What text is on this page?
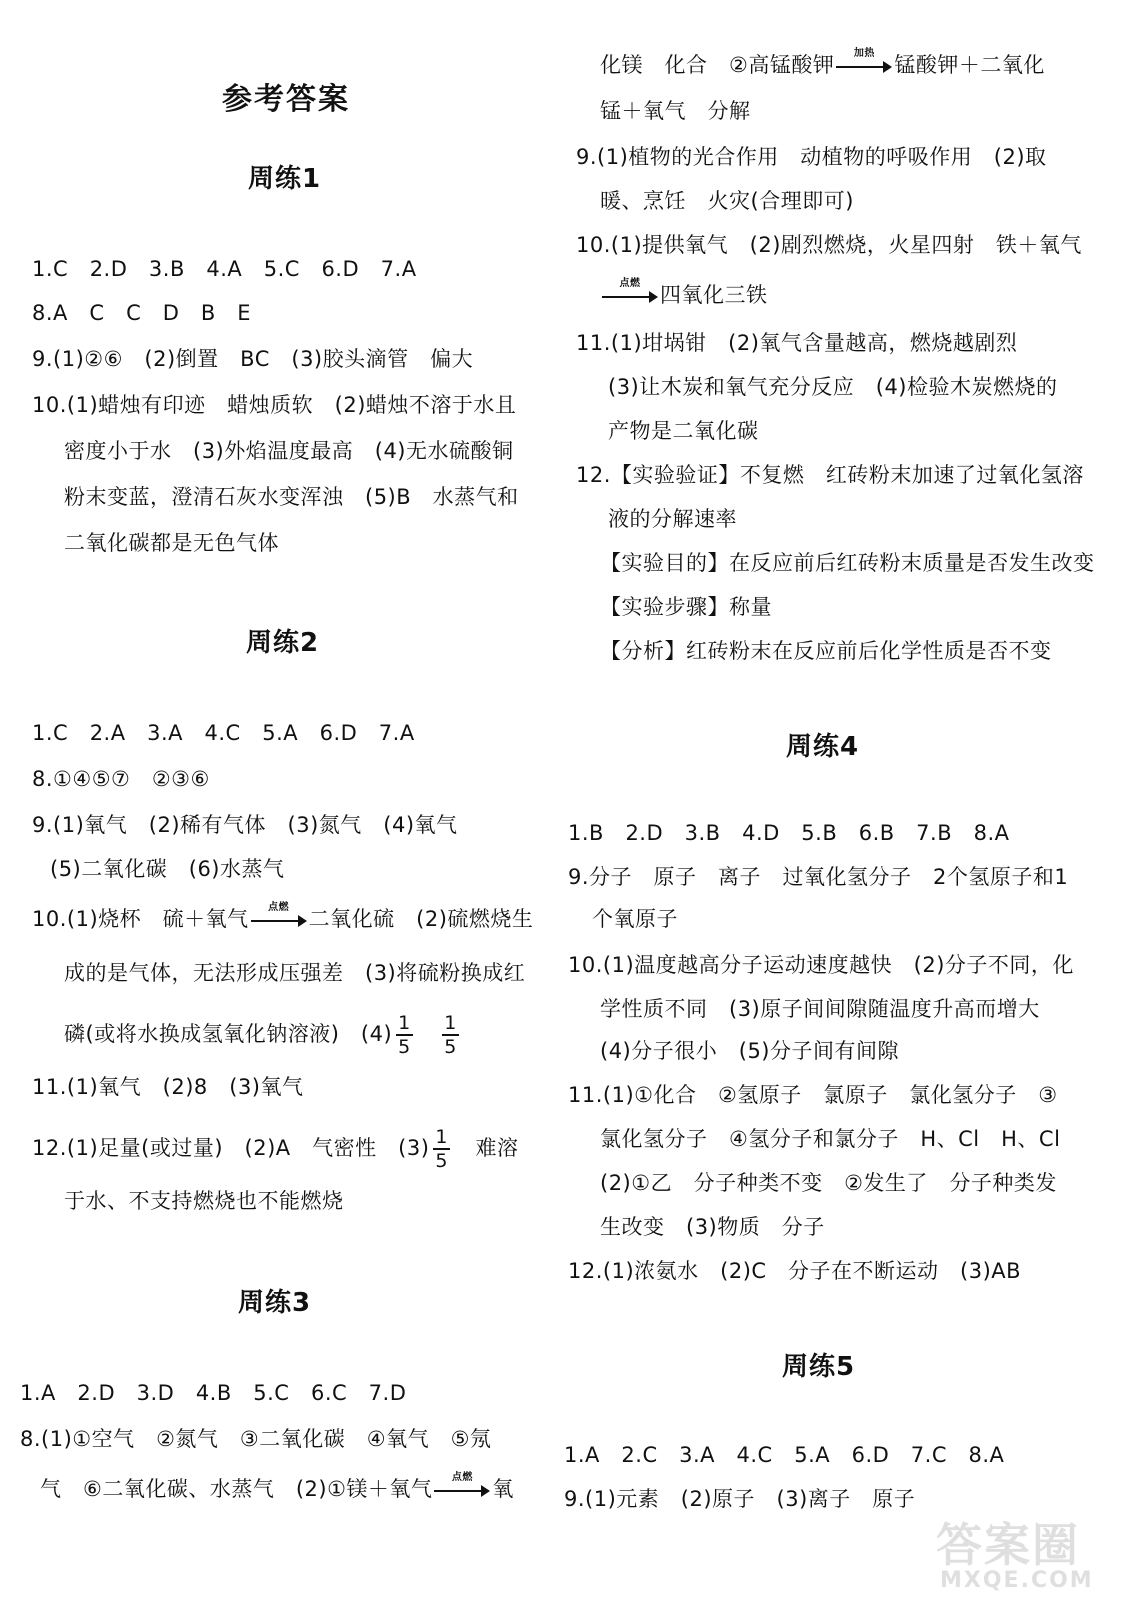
参考答案
周练1
1.C　2.D　3.B　4.A　5.C　6.D　7.A
8.A　C　C　D　B　E
9.(1)②⑥　(2)倒置　BC　(3)胶头滴管　偏大
10.(1)蜡烛有印迹　蜡烛质软　(2)蜡烛不溶于水且
密度小于水　(3)外焰温度最高　(4)无水硫酸铜
粉末变蓝，澄清石灰水变浑浊　(5)B　水蒸气和
二氧化碳都是无色气体
周练2
1.C　2.A　3.A　4.C　5.A　6.D　7.A
8.①④⑤⑦　②③⑥
9.(1)氧气　(2)稀有气体　(3)氮气　(4)氧气
(5)二氧化碳　(6)水蒸气
10.(1)烧杯　硫＋氧气	点燃 二氧化硫　(2)硫燃烧生
成的是气体，无法形成压强差　(3)将硫粉换成红
磷(或将水换成氢氧化钠溶液)　$(4) \frac{1}{5}$
　 $\frac{1}{5}$
11.(1)氧气　(2)8　(3)氧气
12.(1)足量(或过量)　(2)A　气密性　$(3) \frac{1}{5}$
　 难溶
于水、不支持燃烧也不能燃烧
周练3
1.A　2.D　3.D　4.B　5.C　6.C　7.D
8.(1)①空气　②氮气　③二氧化碳　④氧气　⑤氖
气　⑥二氧化碳、水蒸气　(2)①镁＋氧气	点燃 氧
化镁　化合　②高锰酸钾	加热 锰酸钾＋二氧化
锰＋氧气　分解
9.(1)植物的光合作用　动植物的呼吸作用　(2)取
暖、烹饪　火灾(合理即可)
10.(1)提供氧气　(2)剧烈燃烧，火星四射　铁＋氧气
点燃 四氧化三铁
11.(1)坩埚钳　(2)氧气含量越高，燃烧越剧烈
(3)让木炭和氧气充分反应　(4)检验木炭燃烧的
产物是二氧化碳
12.【实验验证】不复燃　红砖粉末加速了过氧化氢溶
液的分解速率
【实验目的】在反应前后红砖粉末质量是否发生改变
【实验步骤】称量
【分析】红砖粉末在反应前后化学性质是否不变
周练4
1.B　2.D　3.B　4.D　5.B　6.B　7.B　8.A
9.分子　原子　离子　过氧化氢分子　2个氢原子和1
个氧原子
10.(1)温度越高分子运动速度越快　(2)分子不同，化
学性质不同　(3)原子间间隙随温度升高而增大
(4)分子很小　(5)分子间有间隙
11.(1)①化合　②氢原子　氯原子　氯化氢分子　③
氯化氢分子　④氢分子和氯分子　H、Cl　H、Cl
(2)①乙　分子种类不变　②发生了　分子种类发
生改变　(3)物质　分子
12.(1)浓氨水　(2)C　分子在不断运动　(3)AB
周练5
1.A　2.C　3.A　4.C　5.A　6.D　7.C　8.A
9.(1)元素　(2)原子　(3)离子　原子
答案圈
MXQE.COM
